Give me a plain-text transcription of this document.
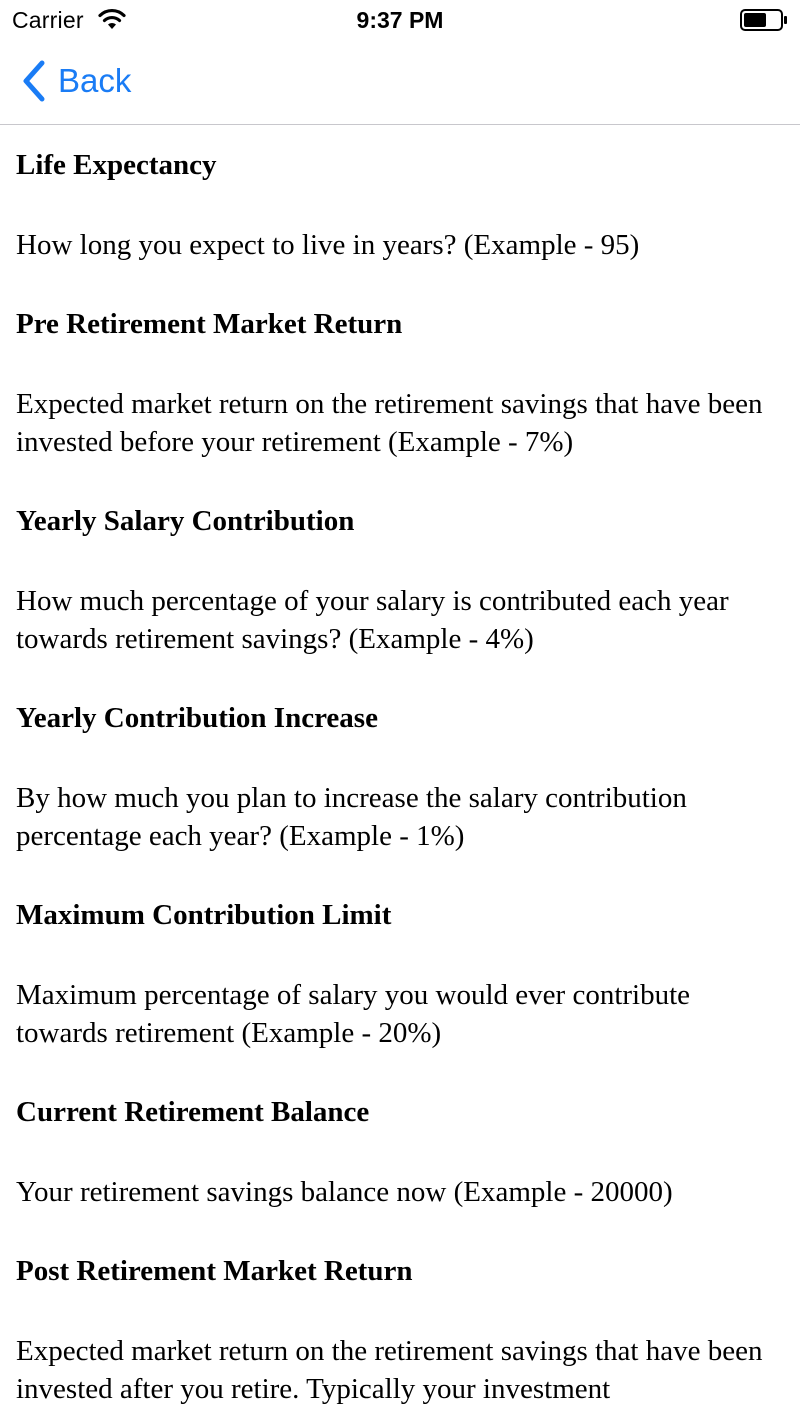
Carrier	9:37 PM
Back
Life Expectancy
How long you expect to live in years? (Example - 95)
Pre Retirement Market Return
Expected market return on the retirement savings that have been invested before your retirement (Example - 7%)
Yearly Salary Contribution
How much percentage of your salary is contributed each year towards retirement savings? (Example - 4%)
Yearly Contribution Increase
By how much you plan to increase the salary contribution percentage each year? (Example - 1%)
Maximum Contribution Limit
Maximum percentage of salary you would ever contribute towards retirement (Example - 20%)
Current Retirement Balance
Your retirement savings balance now (Example - 20000)
Post Retirement Market Return
Expected market return on the retirement savings that have been invested after you retire. Typically your investment
